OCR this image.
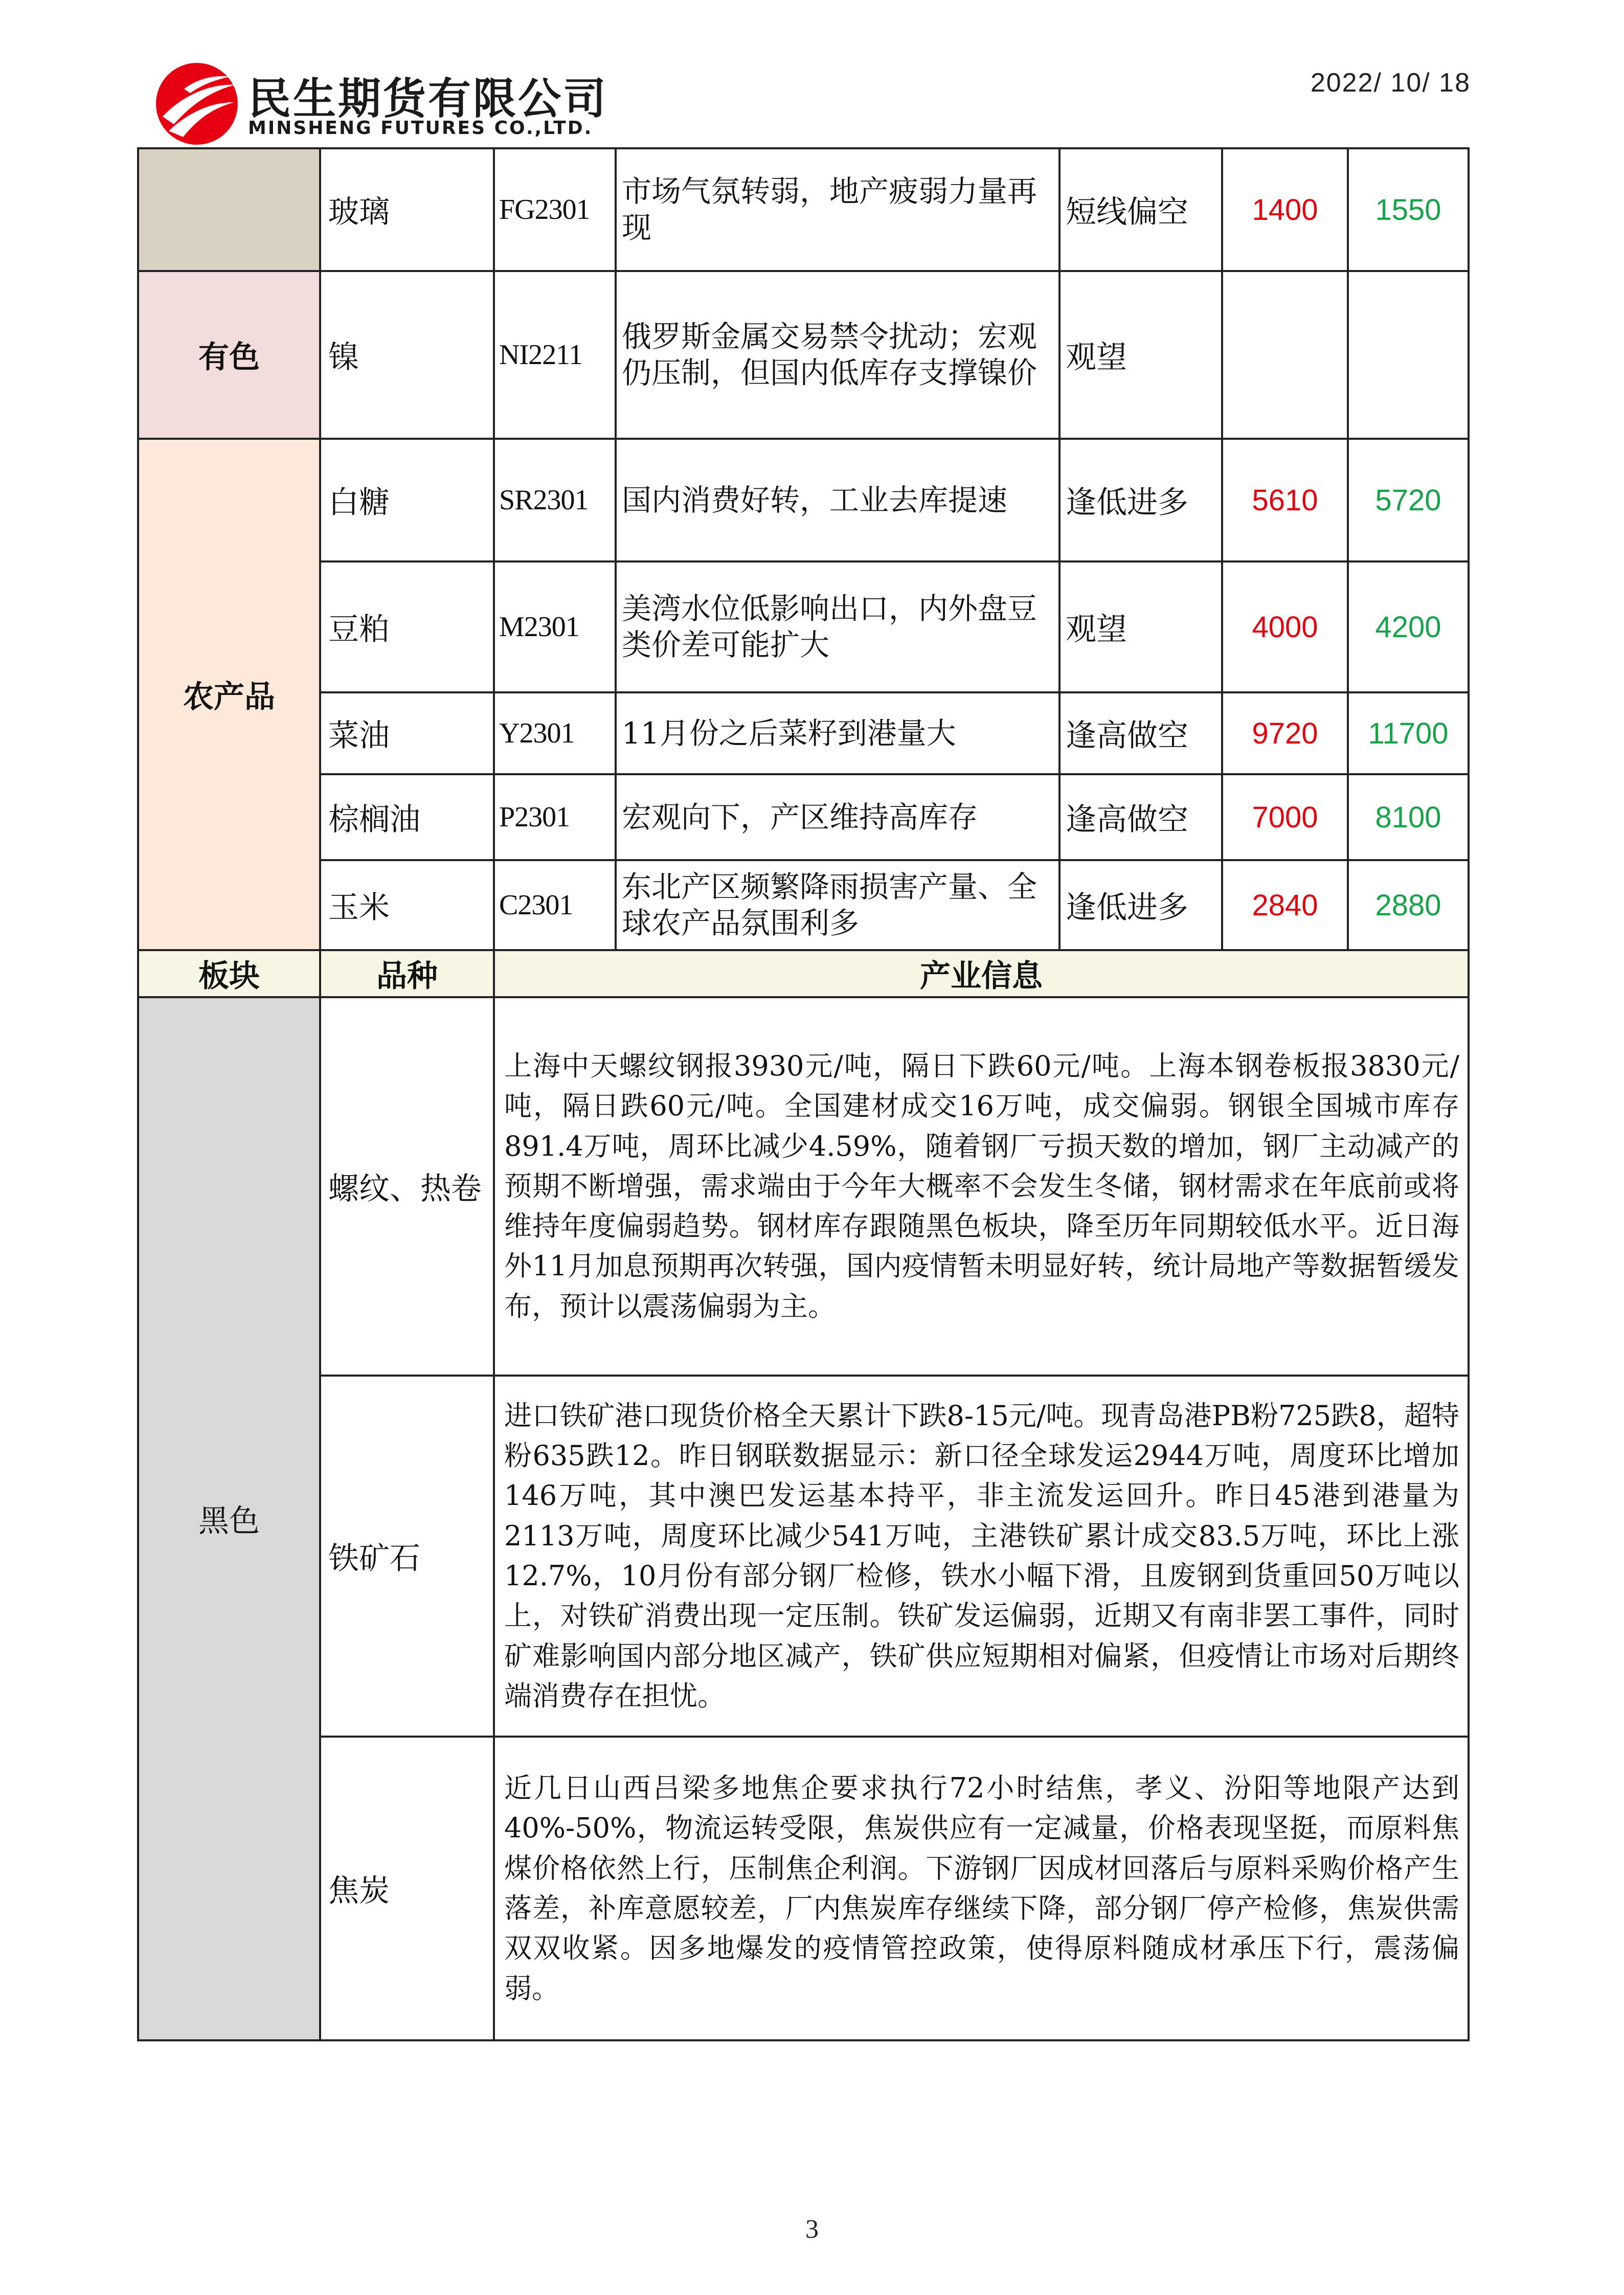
民生期货有限公司
MINSHENG FUTURES CO.,LTD.
2022/ 10/ 18
	玻璃	FG2301	市场气氛转弱，地产疲弱力量再现	短线偏空	1400	1550
有色	镍	NI2211	俄罗斯金属交易禁令扰动；宏观仍压制，但国内低库存支撑镍价	观望		
农产品	白糖	SR2301	国内消费好转，工业去库提速	逢低进多	5610	5720
	豆粕	M2301	美湾水位低影响出口，内外盘豆类价差可能扩大	观望	4000	4200
	菜油	Y2301	11月份之后菜籽到港量大	逢高做空	9720	11700
	棕榈油	P2301	宏观向下，产区维持高库存	逢高做空	7000	8100
	玉米	C2301	东北产区频繁降雨损害产量、全球农产品氛围利多	逢低进多	2840	2880
板块	品种	产业信息				
黑色	螺纹、热卷	上海中天螺纹钢报3930元/吨，隔日下跌60元/吨。上海本钢卷板报3830元/吨，隔日跌60元/吨。全国建材成交16万吨，成交偏弱。钢银全国城市库存891.4万吨，周环比减少4.59%，随着钢厂亏损天数的增加，钢厂主动减产的预期不断增强，需求端由于今年大概率不会发生冬储，钢材需求在年底前或将维持年度偏弱趋势。钢材库存跟随黑色板块，降至历年同期较低水平。近日海外11月加息预期再次转强，国内疫情暂未明显好转，统计局地产等数据暂缓发布，预计以震荡偏弱为主。				
	铁矿石	进口铁矿港口现货价格全天累计下跌8-15元/吨。现青岛港PB粉725跌8，超特粉635跌12。昨日钢联数据显示：新口径全球发运2944万吨，周度环比增加146万吨，其中澳巴发运基本持平，非主流发运回升。昨日45港到港量为2113万吨，周度环比减少541万吨，主港铁矿累计成交83.5万吨，环比上涨12.7%，10月份有部分钢厂检修，铁水小幅下滑，且废钢到货重回50万吨以上，对铁矿消费出现一定压制。铁矿发运偏弱，近期又有南非罢工事件，同时矿难影响国内部分地区减产，铁矿供应短期相对偏紧，但疫情让市场对后期终端消费存在担忧。				
	焦炭	近几日山西吕梁多地焦企要求执行72小时结焦，孝义、汾阳等地限产达到40%-50%，物流运转受限，焦炭供应有一定减量，价格表现坚挺，而原料焦煤价格依然上行，压制焦企利润。下游钢厂因成材回落后与原料采购价格产生落差，补库意愿较差，厂内焦炭库存继续下降，部分钢厂停产检修，焦炭供需双双收紧。因多地爆发的疫情管控政策，使得原料随成材承压下行，震荡偏弱。				
3
